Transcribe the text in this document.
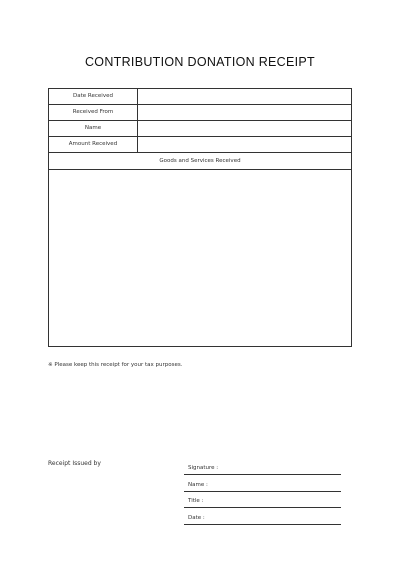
CONTRIBUTION DONATION RECEIPT
Date Received
Received From
Name
Amount Received
Goods and Services Received
※ Please keep this receipt for your tax purposes.
Receipt Issued by
Signature :
Name :
Title :
Date :
